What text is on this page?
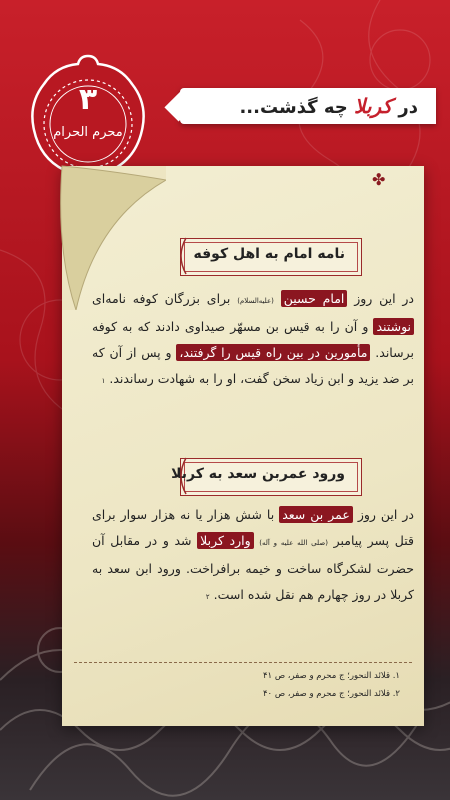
۳
محرم الحرام
در کربلا چه گذشت...
✤
نامه امام به اهل کوفه
در این روز امام حسین (علیه‌السلام) برای بزرگان کوفه نامه‌ای نوشتند و آن را به قیس بن مسهّر صیداوی دادند که به کوفه برساند. مأمورین در بین راه قیس را گرفتند، و پس از آن که بر ضد یزید و ابن زیاد سخن گفت، او را به شهادت رساندند. ۱
ورود عمربن سعد به کربلا
در این روز عمر بن سعد با شش هزار یا نه هزار سوار برای قتل پسر پیامبر (صلی الله علیه و آله) وارد کربلا شد و در مقابل آن حضرت لشکرگاه ساخت و خیمه برافراخت. ورود ابن سعد به کربلا در روز چهارم هم نقل شده است. ۲
۱. قلائد النحور؛ ج محرم و صفر، ص ۴۱
۲. قلائد النحور؛ ج محرم و صفر، ص ۴۰
